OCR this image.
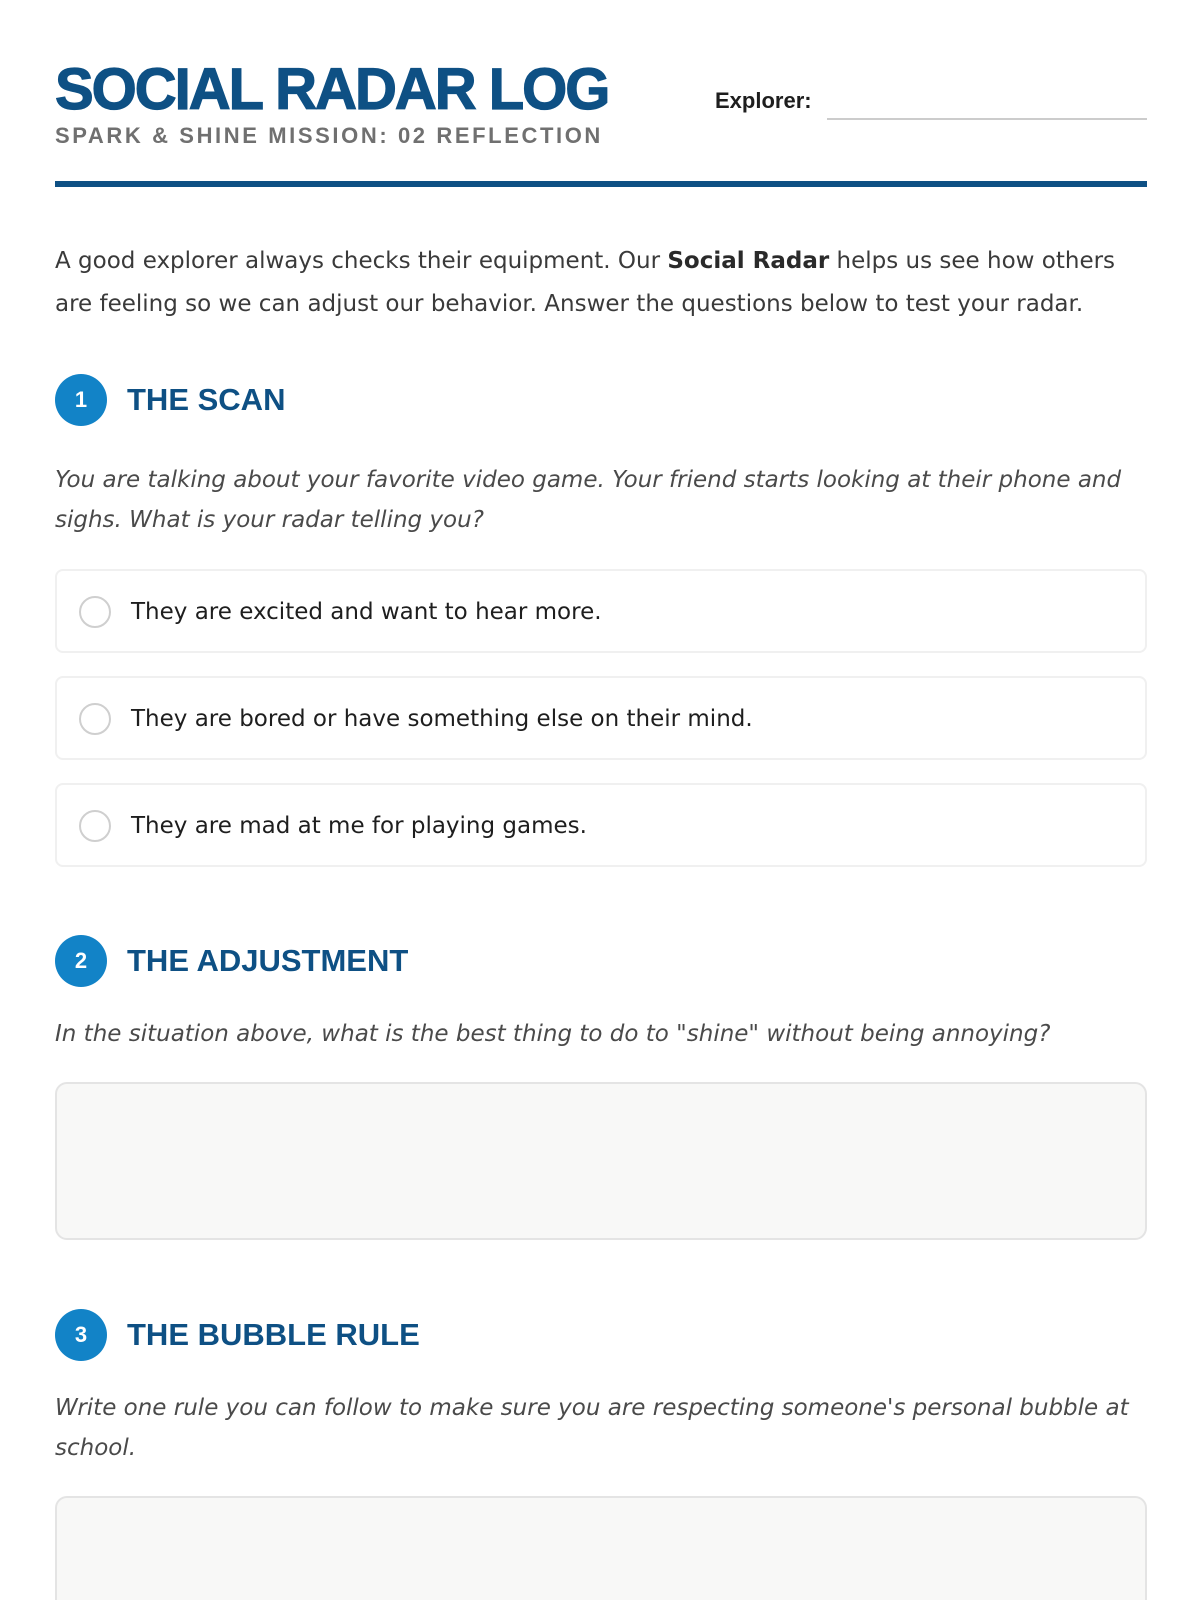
SOCIAL RADAR LOG
SPARK & SHINE MISSION: 02 REFLECTION
Explorer:

A good explorer always checks their equipment. Our Social Radar helps us see how others are feeling so we can adjust our behavior. Answer the questions below to test your radar.

1	THE SCAN

You are talking about your favorite video game. Your friend starts looking at their phone and sighs. What is your radar telling you?

They are excited and want to hear more.
They are bored or have something else on their mind.
They are mad at me for playing games.
2	THE ADJUSTMENT

In the situation above, what is the best thing to do to "shine" without being annoying?

3	THE BUBBLE RULE

Write one rule you can follow to make sure you are respecting someone's personal bubble at school.
